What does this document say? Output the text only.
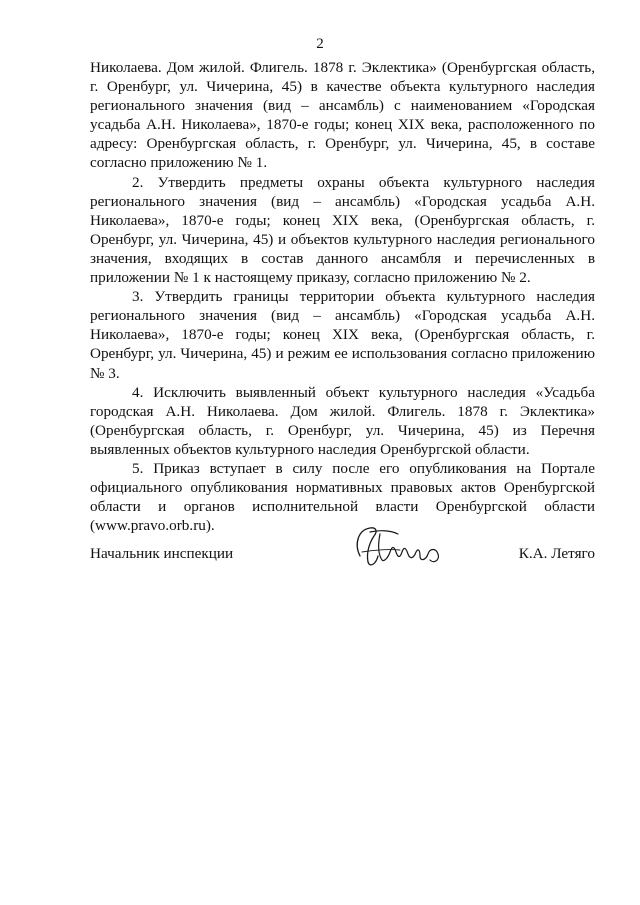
2

Николаева. Дом жилой. Флигель. 1878 г. Эклектика» (Оренбургская область, г. Оренбург, ул. Чичерина, 45) в качестве объекта культурного наследия регионального значения (вид – ансамбль) с наименованием «Городская усадьба А.Н. Николаева», 1870-е годы; конец XIX века, расположенного по адресу: Оренбургская область, г. Оренбург, ул. Чичерина, 45, в составе согласно приложению № 1.

2. Утвердить предметы охраны объекта культурного наследия регионального значения (вид – ансамбль) «Городская усадьба А.Н. Николаева», 1870-е годы; конец XIX века, (Оренбургская область, г. Оренбург, ул. Чичерина, 45) и объектов культурного наследия регионального значения, входящих в состав данного ансамбля и перечисленных в приложении № 1 к настоящему приказу, согласно приложению № 2.

3. Утвердить границы территории объекта культурного наследия регионального значения (вид – ансамбль) «Городская усадьба А.Н. Николаева», 1870-е годы; конец XIX века, (Оренбургская область, г. Оренбург, ул. Чичерина, 45) и режим ее использования согласно приложению № 3.

4. Исключить выявленный объект культурного наследия «Усадьба городская А.Н. Николаева. Дом жилой. Флигель. 1878 г. Эклектика» (Оренбургская область, г. Оренбург, ул. Чичерина, 45) из Перечня выявленных объектов культурного наследия Оренбургской области.

5. Приказ вступает в силу после его опубликования на Портале официального опубликования нормативных правовых актов Оренбургской области и органов исполнительной власти Оренбургской области (www.pravo.orb.ru).

Начальник инспекции	К.А. Летяго
